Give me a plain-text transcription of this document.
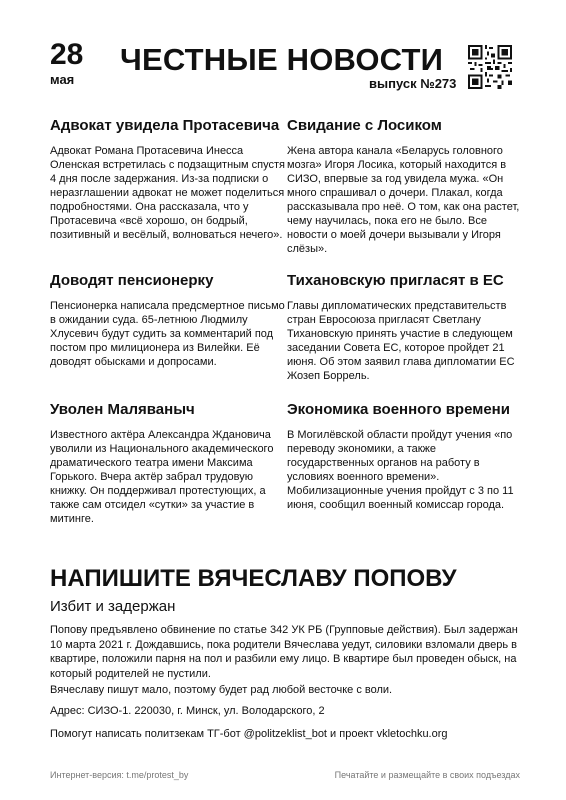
28
мая
ЧЕСТНЫЕ НОВОСТИ
выпуск №273
Адвокат увидела Протасевича

Адвокат Романа Протасевича Инесса Оленская встретилась с подзащитным спустя 4 дня после задержания. Из-за подписки о неразглашении адвокат не может поделиться подробностями. Она рассказала, что у Протасевича «всё хорошо, он бодрый, позитивный и весёлый, волноваться нечего».

Свидание с Лосиком

Жена автора канала «Беларусь головного мозга» Игоря Лосика, который находится в СИЗО, впервые за год увидела мужа. «Он много спрашивал о дочери. Плакал, когда рассказывала про неё. О том, как она растет, чему научилась, пока его не было. Все новости о моей дочери вызывали у Игоря слёзы».

Доводят пенсионерку

Пенсионерка написала предсмертное письмо в ожидании суда. 65-летнюю Людмилу Хлусевич будут судить за комментарий под постом про милиционера из Вилейки. Её доводят обысками и допросами.

Тихановскую пригласят в ЕС

Главы дипломатических представительств стран Евросоюза пригласят Светлану Тихановскую принять участие в следующем заседании Совета ЕС, которое пройдет 21 июня. Об этом заявил глава дипломатии ЕС Жозеп Боррель.

Уволен Маляваныч

Известного актёра Александра Ждановича уволили из Национального академического драматического театра имени Максима Горького. Вчера актёр забрал трудовую книжку. Он поддерживал протестующих, а также сам отсидел «сутки» за участие в митинге.

Экономика военного времени

В Могилёвской области пройдут учения «по переводу экономики, а также государственных органов на работу в условиях военного времени». Мобилизационные учения пройдут с 3 по 11 июня, сообщил военный комиссар города.

НАПИШИТЕ ВЯЧЕСЛАВУ ПОПОВУ
Избит и задержан

Попову предъявлено обвинение по статье 342 УК РБ (Групповые действия). Был задержан 10 марта 2021 г. Дождавшись, пока родители Вячеслава уедут, силовики взломали дверь в квартире, положили парня на пол и разбили ему лицо. В квартире был проведен обыск, на который родителей не пустили.

Вячеславу пишут мало, поэтому будет рад любой весточке с воли.

Адрес: СИЗО-1. 220030, г. Минск, ул. Володарского, 2

Помогут написать политзекам ТГ-бот @politzeklist_bot и проект vkletochku.org

Интернет-версия: t.me/protest_by	Печатайте и размещайте в своих подъездах
